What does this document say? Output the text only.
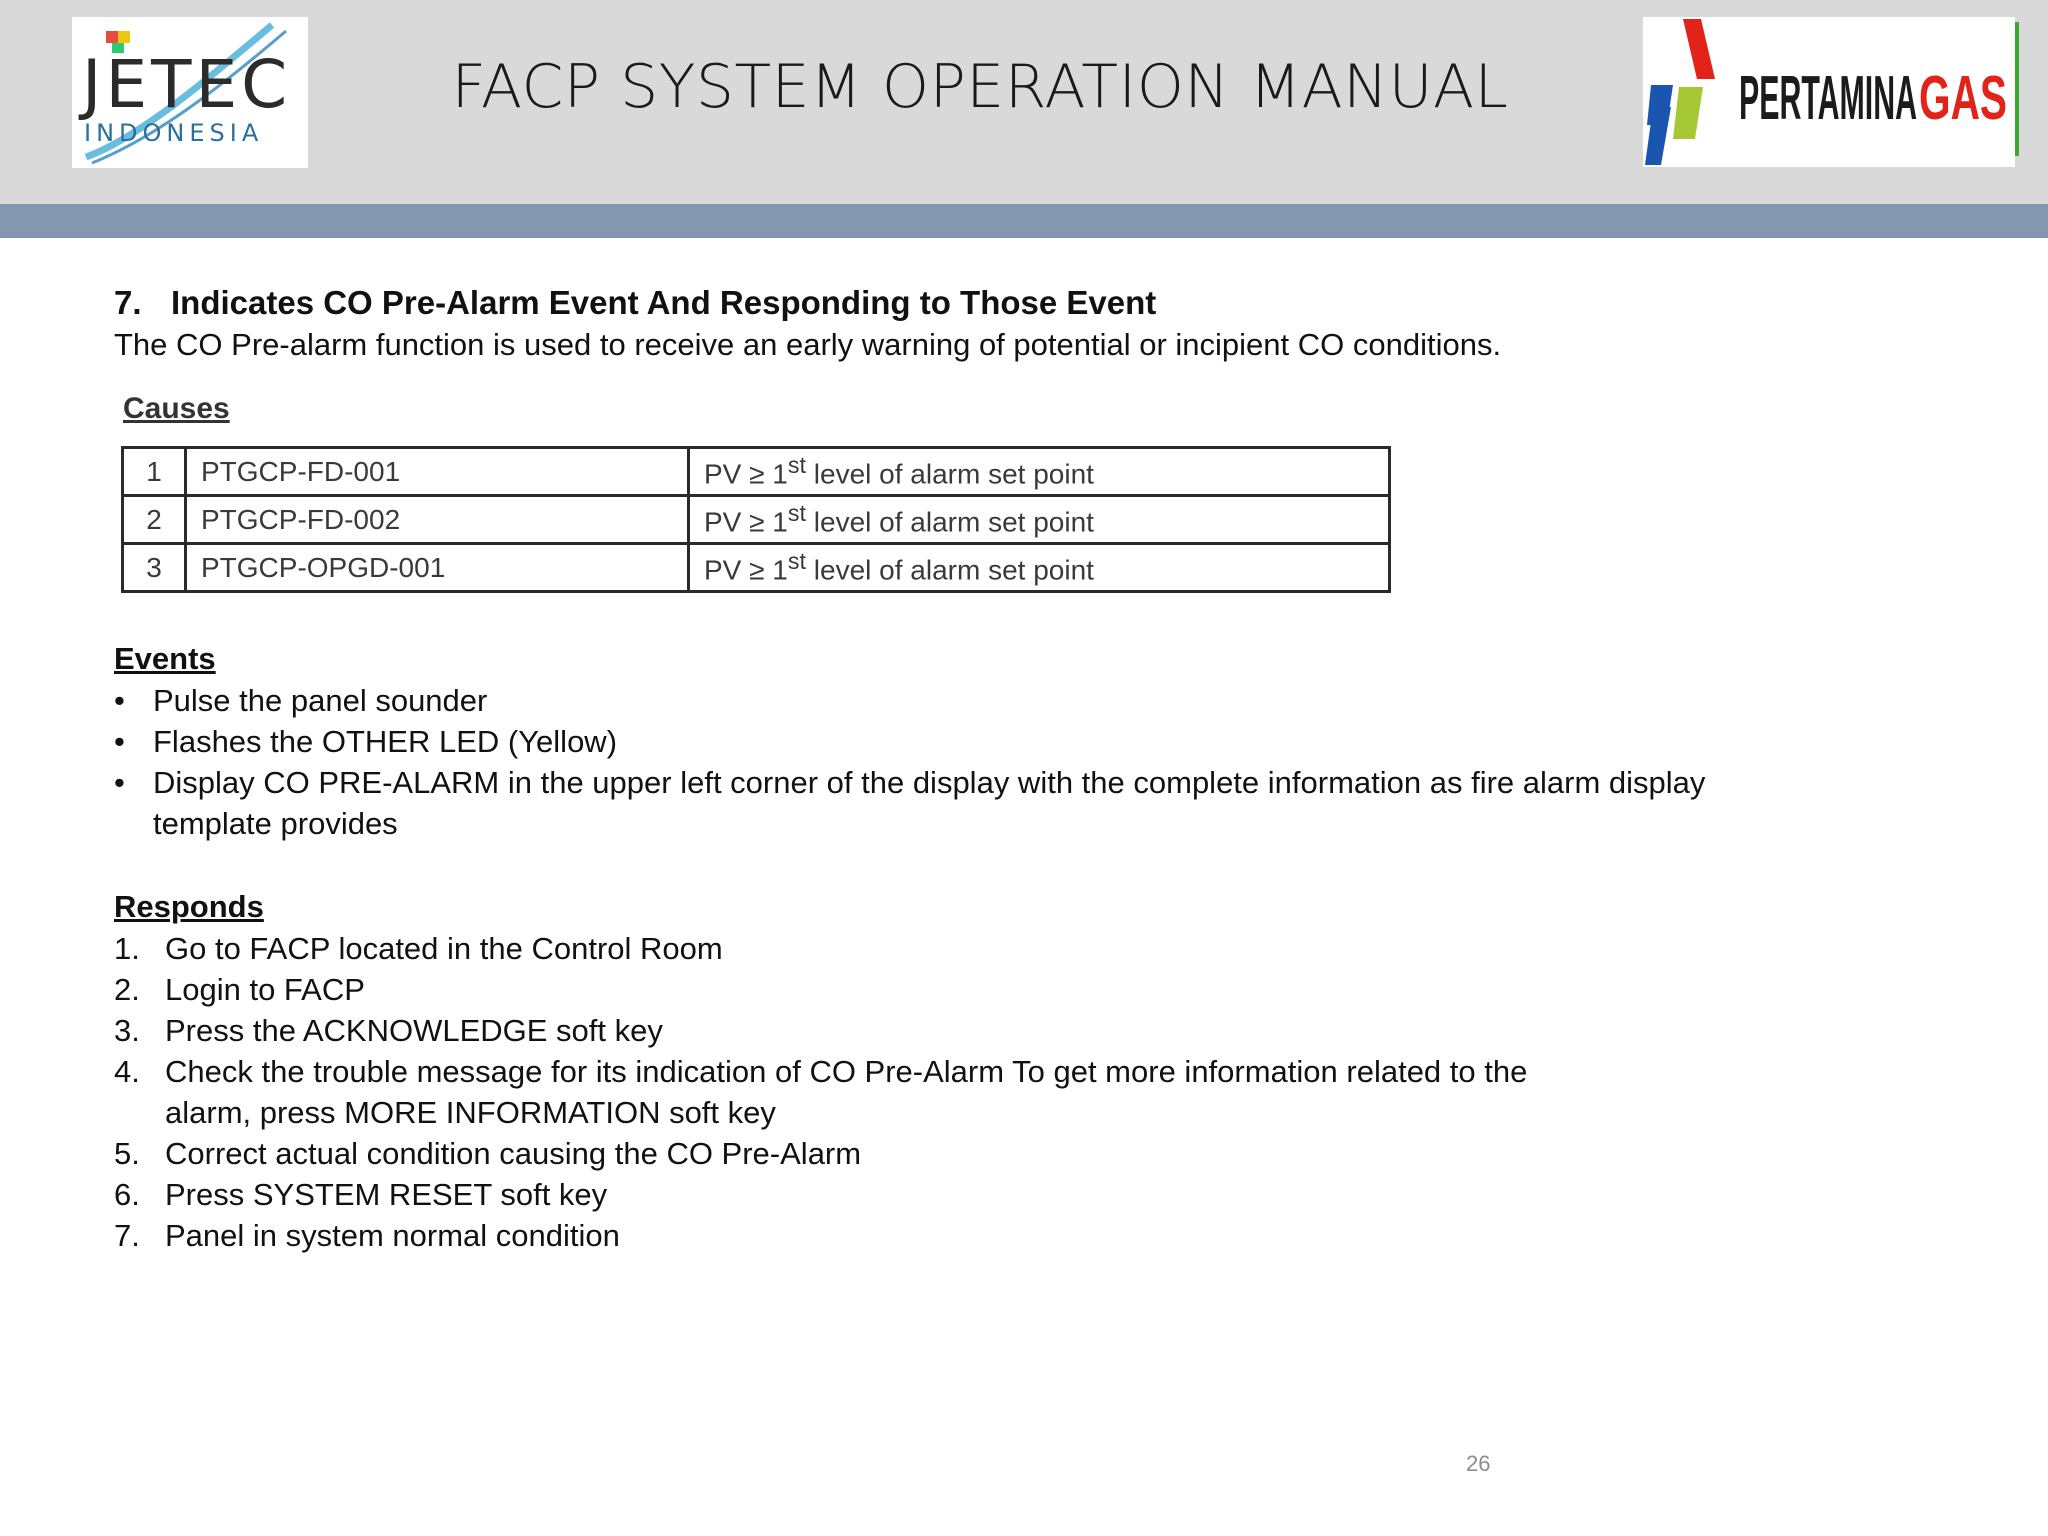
JETEC
INDONESIA
FACP SYSTEM OPERATION MANUAL	PERTAMINA GAS
7. Indicates CO Pre-Alarm Event And Responding to Those Event
The CO Pre-alarm function is used to receive an early warning of potential or incipient CO conditions.
Causes
1	PTGCP-FD-001	PV ≥ 1st level of alarm set point
2	PTGCP-FD-002	PV ≥ 1st level of alarm set point
3	PTGCP-OPGD-001	PV ≥ 1st level of alarm set point
Events
• Pulse the panel sounder
• Flashes the OTHER LED (Yellow)
• Display CO PRE-ALARM in the upper left corner of the display with the complete information as fire alarm display template provides
Responds
1. Go to FACP located in the Control Room
2. Login to FACP
3. Press the ACKNOWLEDGE soft key
4. Check the trouble message for its indication of CO Pre-Alarm To get more information related to the alarm, press MORE INFORMATION soft key
5. Correct actual condition causing the CO Pre-Alarm
6. Press SYSTEM RESET soft key
7. Panel in system normal condition
26
